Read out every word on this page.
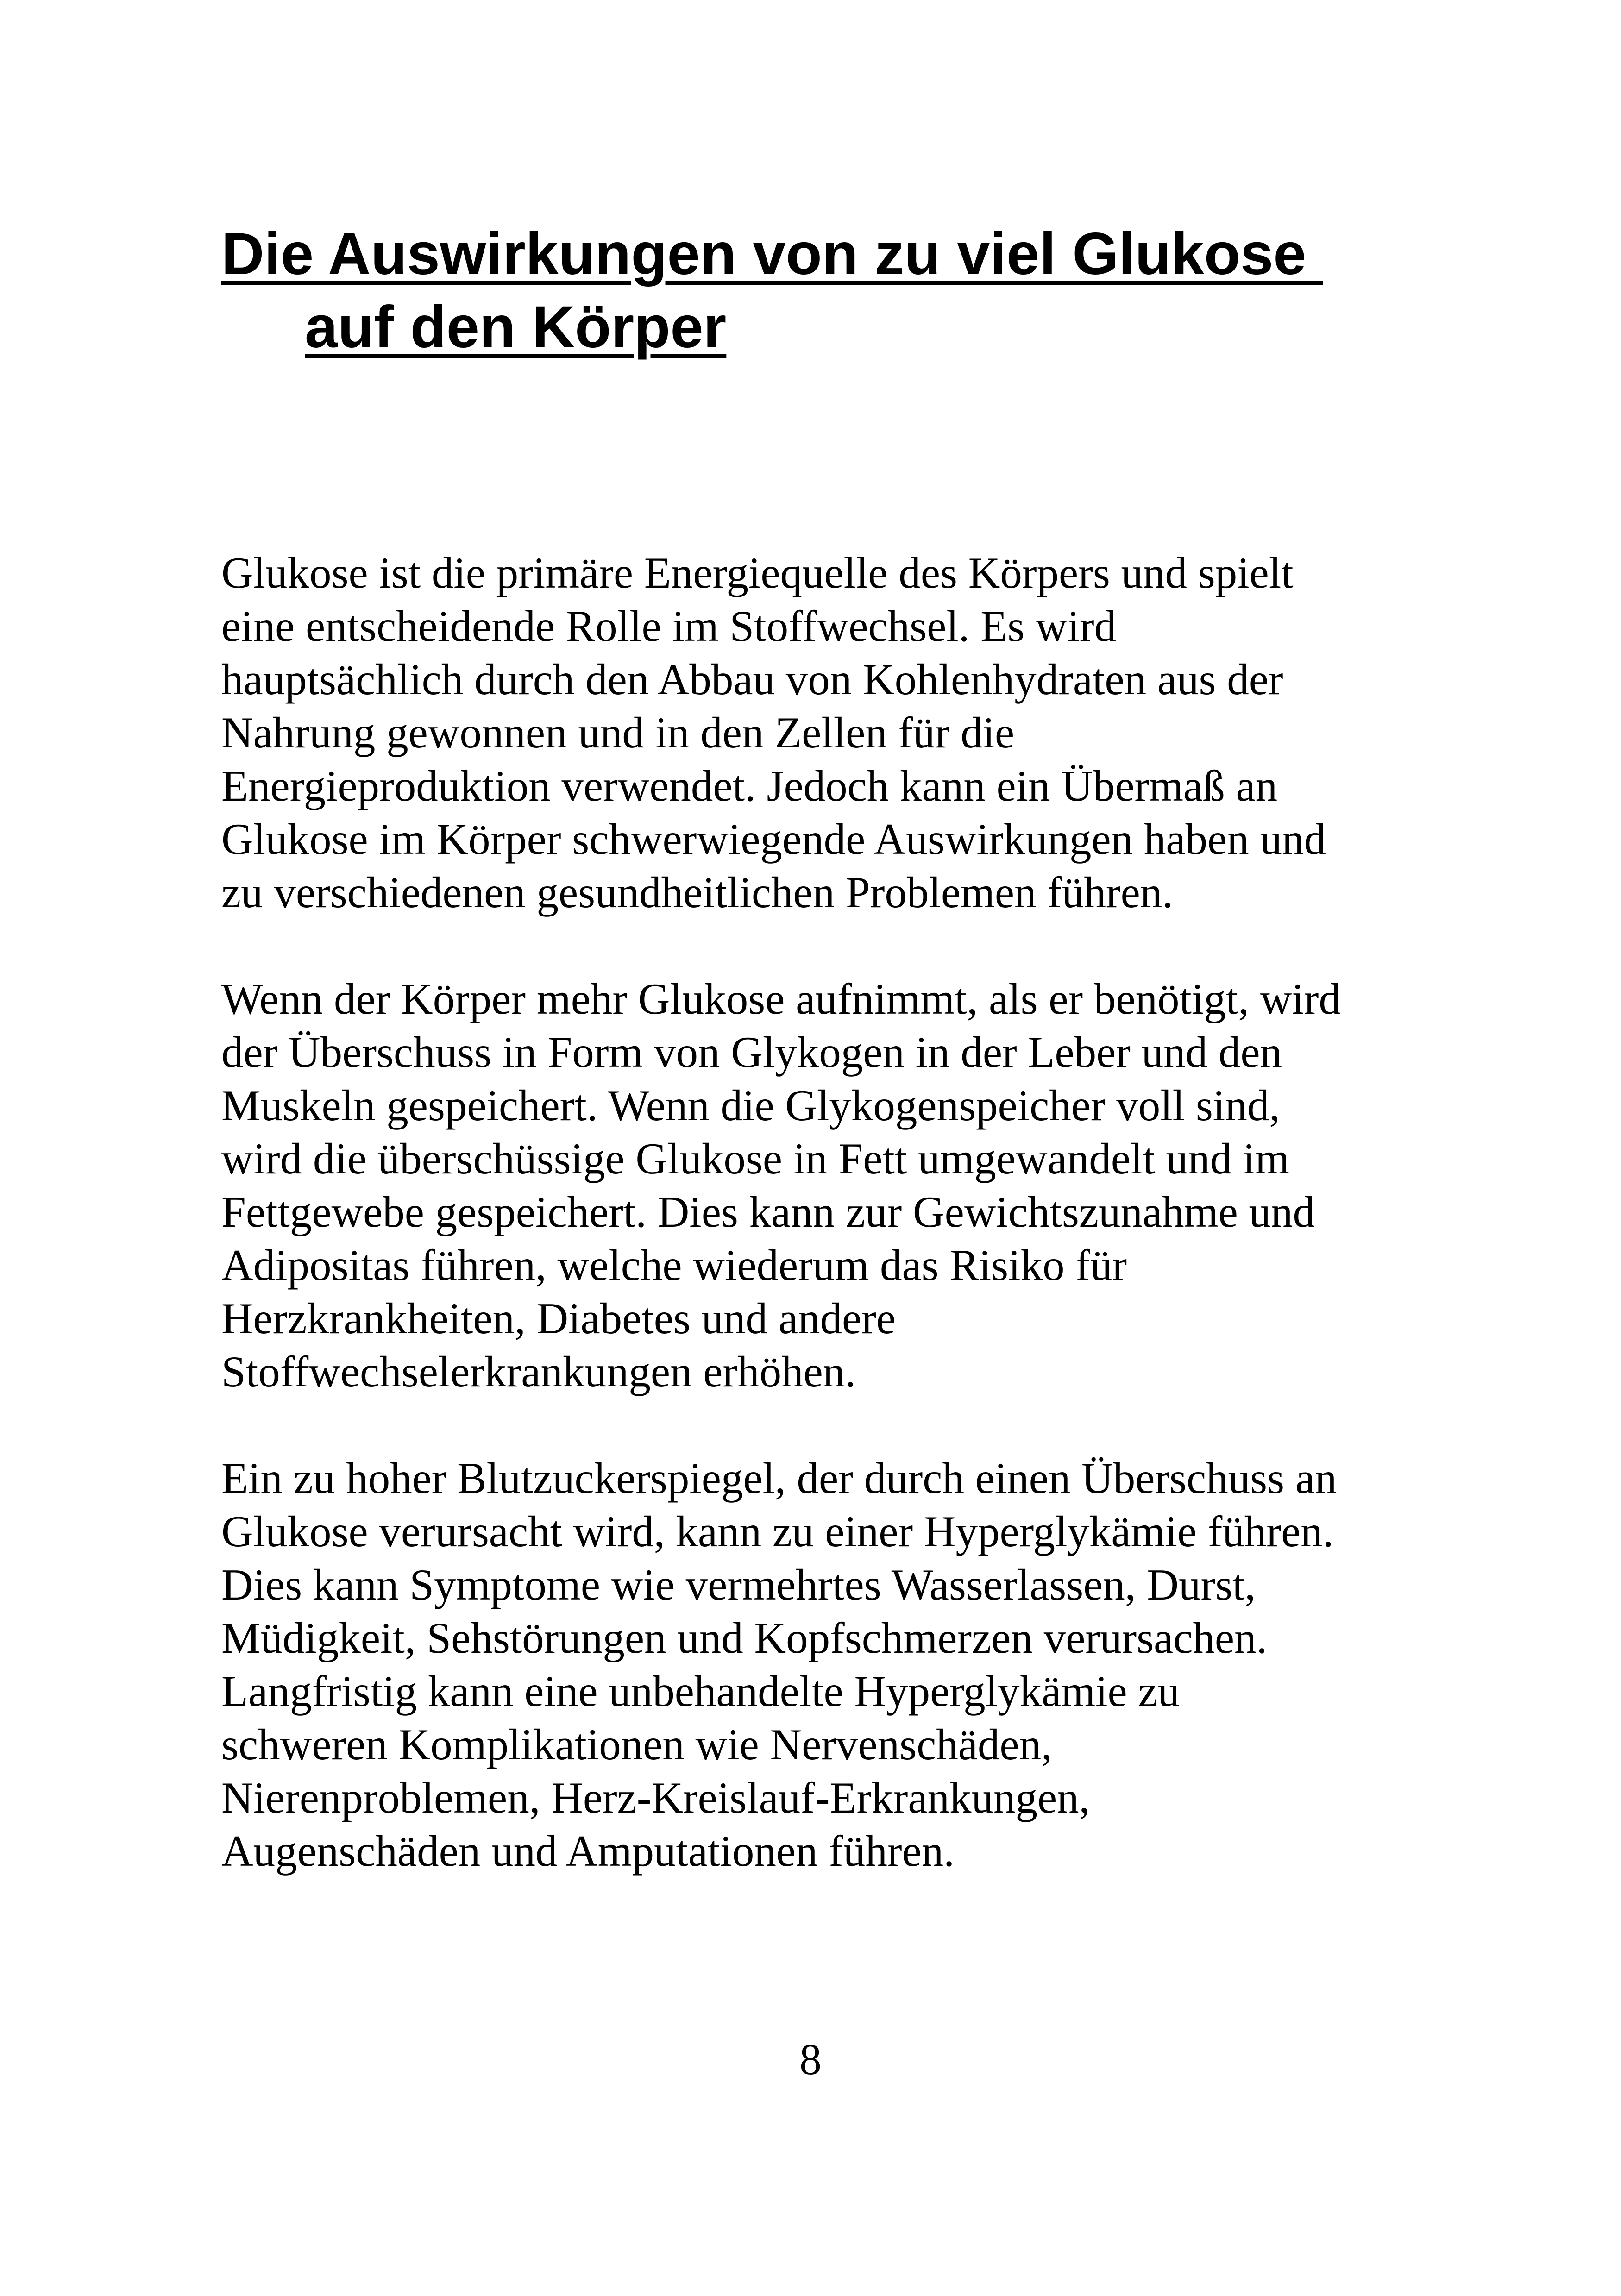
Die Auswirkungen von zu viel Glukose
auf den Körper

Glukose ist die primäre Energiequelle des Körpers und spielt
eine entscheidende Rolle im Stoffwechsel. Es wird
hauptsächlich durch den Abbau von Kohlenhydraten aus der
Nahrung gewonnen und in den Zellen für die
Energieproduktion verwendet. Jedoch kann ein Übermaß an
Glukose im Körper schwerwiegende Auswirkungen haben und
zu verschiedenen gesundheitlichen Problemen führen.

Wenn der Körper mehr Glukose aufnimmt, als er benötigt, wird
der Überschuss in Form von Glykogen in der Leber und den
Muskeln gespeichert. Wenn die Glykogenspeicher voll sind,
wird die überschüssige Glukose in Fett umgewandelt und im
Fettgewebe gespeichert. Dies kann zur Gewichtszunahme und
Adipositas führen, welche wiederum das Risiko für
Herzkrankheiten, Diabetes und andere
Stoffwechselerkrankungen erhöhen.

Ein zu hoher Blutzuckerspiegel, der durch einen Überschuss an
Glukose verursacht wird, kann zu einer Hyperglykämie führen.
Dies kann Symptome wie vermehrtes Wasserlassen, Durst,
Müdigkeit, Sehstörungen und Kopfschmerzen verursachen.
Langfristig kann eine unbehandelte Hyperglykämie zu
schweren Komplikationen wie Nervenschäden,
Nierenproblemen, Herz-Kreislauf-Erkrankungen,
Augenschäden und Amputationen führen.

8
